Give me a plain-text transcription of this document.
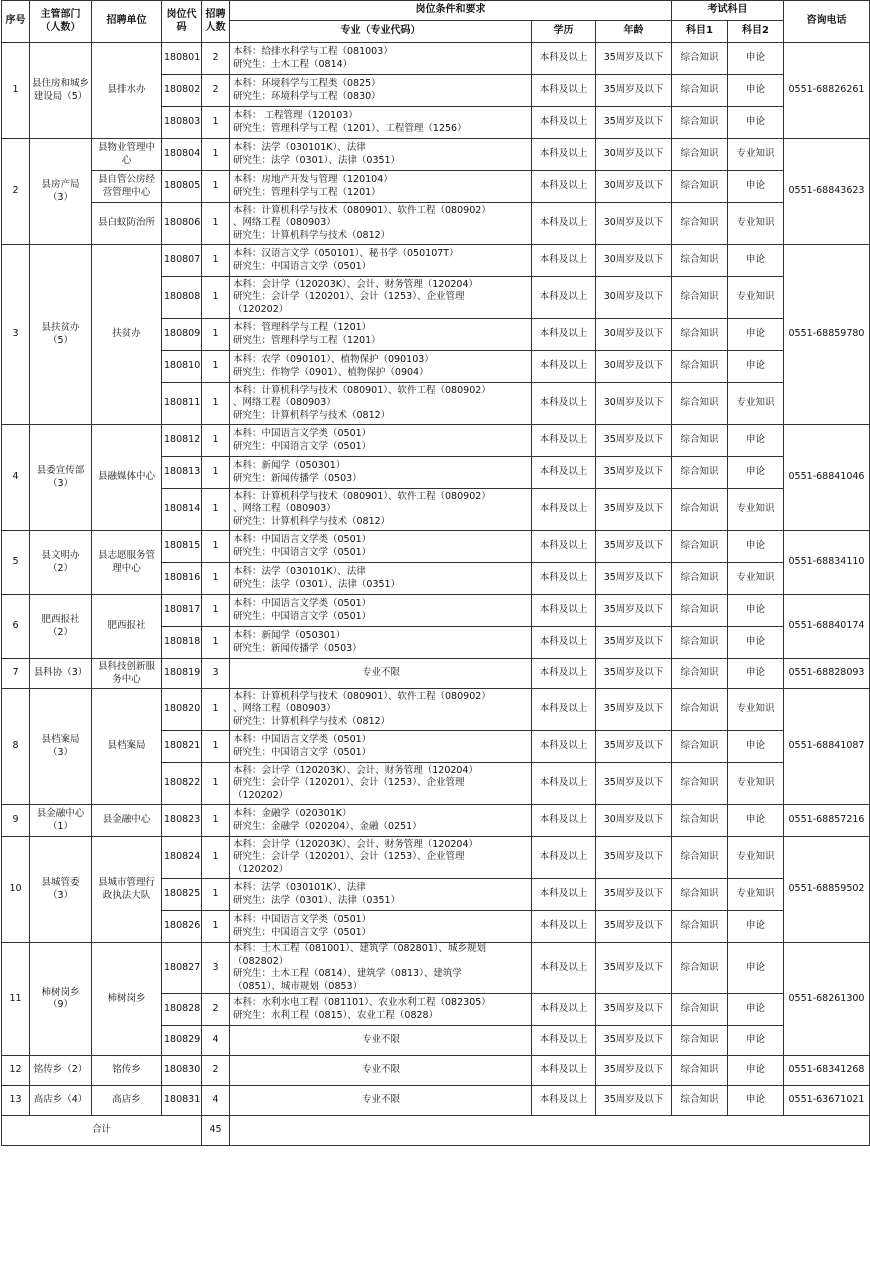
序号	主管部门（人数）	招聘单位	岗位代码	招聘人数	岗位条件和要求			考试科目		咨询电话
					专业（专业代码）	学历	年龄	科目1	科目2	
1	县住房和城乡建设局（5）	县排水办	180801	2	本科：给排水科学与工程（081003）
研究生：土木工程（0814）	本科及以上	35周岁及以下	综合知识	申论	0551-68826261
			180802	2	本科：环境科学与工程类（0825）
研究生：环境科学与工程（0830）	本科及以上	35周岁及以下	综合知识	申论	
			180803	1	本科： 工程管理（120103）
研究生：管理科学与工程（1201）、工程管理（1256）	本科及以上	35周岁及以下	综合知识	申论	
2	县房产局（3）	县物业管理中心	180804	1	本科：法学（030101K）、法律
研究生：法学（0301）、法律（0351）	本科及以上	30周岁及以下	综合知识	专业知识	0551-68843623
		县自管公房经营管理中心	180805	1	本科：房地产开发与管理（120104）
研究生：管理科学与工程（1201）	本科及以上	30周岁及以下	综合知识	申论	
		县白蚁防治所	180806	1	本科：计算机科学与技术（080901）、软件工程（080902）
、网络工程（080903）
研究生：计算机科学与技术（0812）	本科及以上	30周岁及以下	综合知识	专业知识	
3	县扶贫办（5）	扶贫办	180807	1	本科：汉语言文学（050101）、秘书学（050107T）
研究生：中国语言文学（0501）	本科及以上	30周岁及以下	综合知识	申论	0551-68859780
			180808	1	本科：会计学（120203K）、会计、财务管理（120204）
研究生：会计学（120201）、会计（1253）、企业管理
（120202）	本科及以上	30周岁及以下	综合知识	专业知识	
			180809	1	本科：管理科学与工程（1201）
研究生：管理科学与工程（1201）	本科及以上	30周岁及以下	综合知识	申论	
			180810	1	本科：农学（090101）、植物保护（090103）
研究生：作物学（0901）、植物保护（0904）	本科及以上	30周岁及以下	综合知识	申论	
			180811	1	本科：计算机科学与技术（080901）、软件工程（080902）
、网络工程（080903）
研究生：计算机科学与技术（0812）	本科及以上	30周岁及以下	综合知识	专业知识	
4	县委宣传部（3）	县融媒体中心	180812	1	本科：中国语言文学类（0501）
研究生：中国语言文学（0501）	本科及以上	35周岁及以下	综合知识	申论	0551-68841046
			180813	1	本科：新闻学（050301）
研究生：新闻传播学（0503）	本科及以上	35周岁及以下	综合知识	申论	
			180814	1	本科：计算机科学与技术（080901）、软件工程（080902）
、网络工程（080903）
研究生：计算机科学与技术（0812）	本科及以上	35周岁及以下	综合知识	专业知识	
5	县文明办（2）	县志愿服务管理中心	180815	1	本科：中国语言文学类（0501）
研究生：中国语言文学（0501）	本科及以上	35周岁及以下	综合知识	申论	0551-68834110
			180816	1	本科：法学（030101K）、法律
研究生：法学（0301）、法律（0351）	本科及以上	35周岁及以下	综合知识	专业知识	
6	肥西报社（2）	肥西报社	180817	1	本科：中国语言文学类（0501）
研究生：中国语言文学（0501）	本科及以上	35周岁及以下	综合知识	申论	0551-68840174
			180818	1	本科：新闻学（050301）
研究生：新闻传播学（0503）	本科及以上	35周岁及以下	综合知识	申论	
7	县科协（3）	县科技创新服务中心	180819	3	专业不限	本科及以上	35周岁及以下	综合知识	申论	0551-68828093
8	县档案局（3）	县档案局	180820	1	本科：计算机科学与技术（080901）、软件工程（080902）
、网络工程（080903）
研究生：计算机科学与技术（0812）	本科及以上	35周岁及以下	综合知识	专业知识	0551-68841087
			180821	1	本科：中国语言文学类（0501）
研究生：中国语言文学（0501）	本科及以上	35周岁及以下	综合知识	申论	
			180822	1	本科：会计学（120203K）、会计、财务管理（120204）
研究生：会计学（120201）、会计（1253）、企业管理
（120202）	本科及以上	35周岁及以下	综合知识	专业知识	
9	县金融中心（1）	县金融中心	180823	1	本科：金融学（020301K）
研究生：金融学（020204）、金融（0251）	本科及以上	30周岁及以下	综合知识	申论	0551-68857216
10	县城管委（3）	县城市管理行政执法大队	180824	1	本科：会计学（120203K）、会计、财务管理（120204）
研究生：会计学（120201）、会计（1253）、企业管理
（120202）	本科及以上	35周岁及以下	综合知识	专业知识	0551-68859502
			180825	1	本科：法学（030101K）、法律
研究生：法学（0301）、法律（0351）	本科及以上	35周岁及以下	综合知识	专业知识	
			180826	1	本科：中国语言文学类（0501）
研究生：中国语言文学（0501）	本科及以上	35周岁及以下	综合知识	申论	
11	柿树岗乡（9）	柿树岗乡	180827	3	本科：土木工程（081001）、建筑学（082801）、城乡规划
（082802）
研究生：土木工程（0814）、建筑学（0813）、建筑学
（0851）、城市规划（0853）	本科及以上	35周岁及以下	综合知识	申论	0551-68261300
			180828	2	本科：水利水电工程（081101）、农业水利工程（082305）
研究生：水利工程（0815）、农业工程（0828）	本科及以上	35周岁及以下	综合知识	申论	
			180829	4	专业不限	本科及以上	35周岁及以下	综合知识	申论	
12	铭传乡（2）	铭传乡	180830	2	专业不限	本科及以上	35周岁及以下	综合知识	申论	0551-68341268
13	高店乡（4）	高店乡	180831	4	专业不限	本科及以上	35周岁及以下	综合知识	申论	0551-63671021
合计				45						
